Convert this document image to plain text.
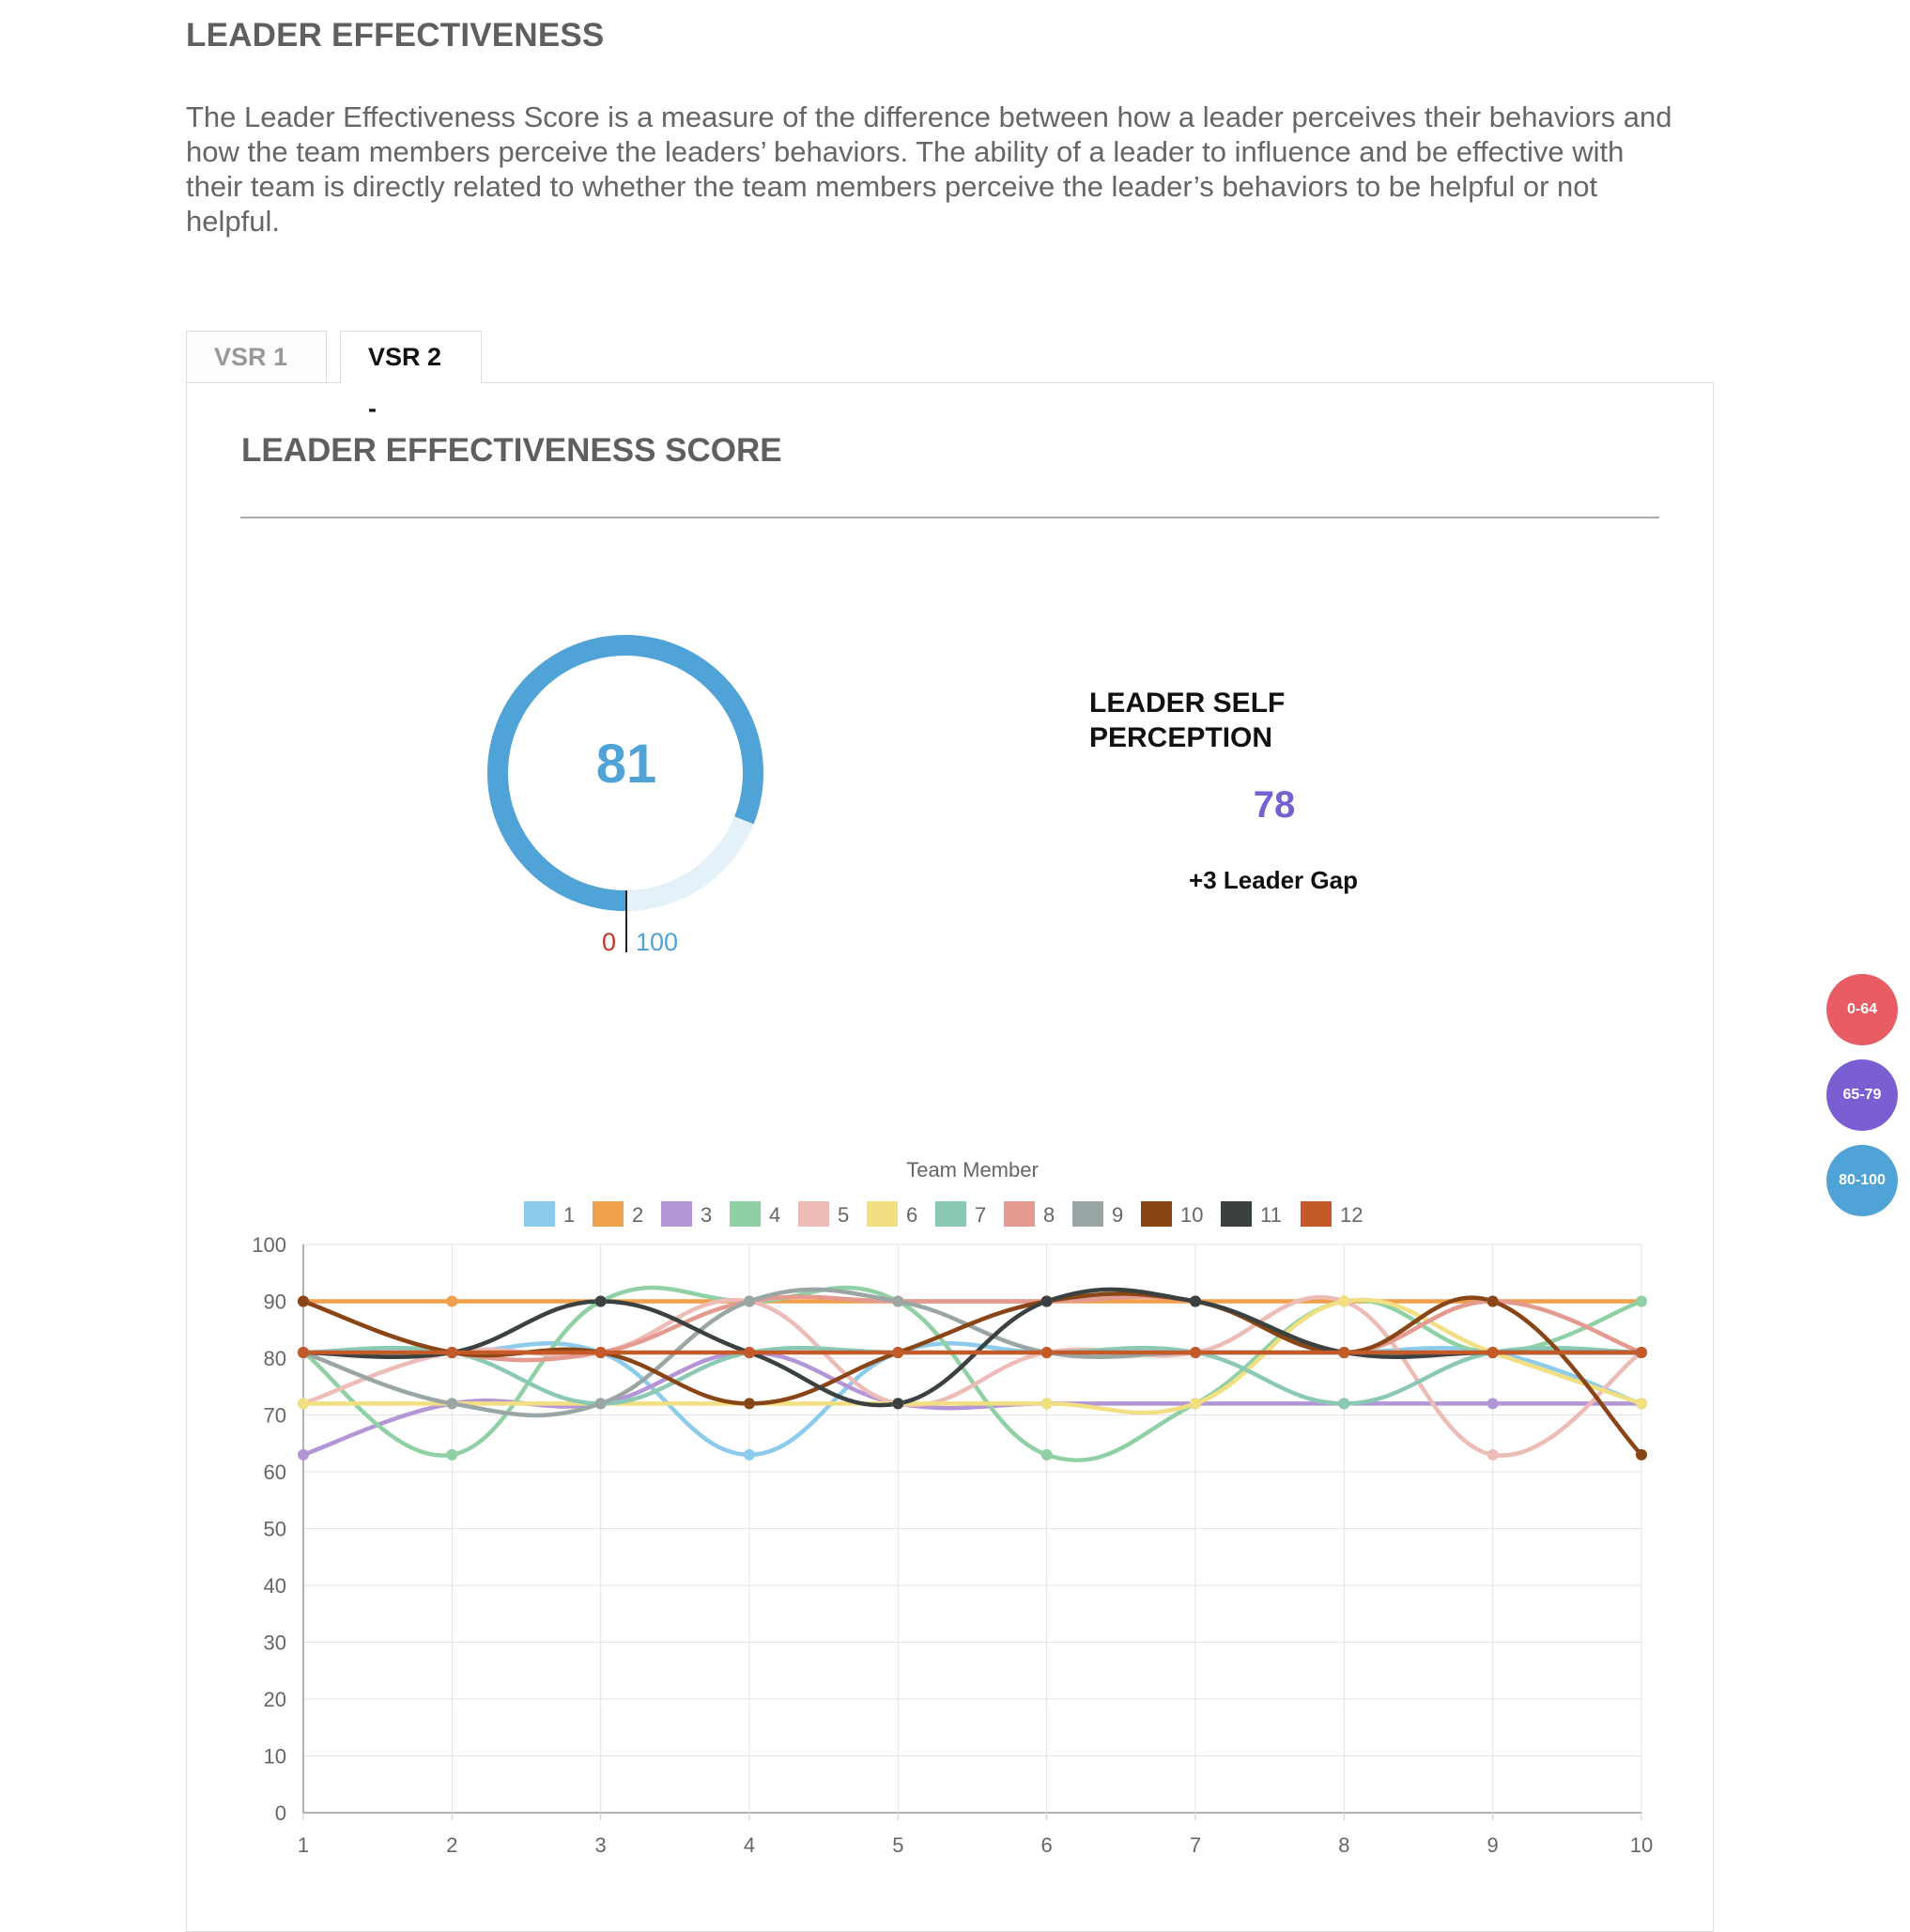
LEADER EFFECTIVENESS

The Leader Effectiveness Score is a measure of the difference between how a leader perceives their behaviors and how the team members perceive the leaders’ behaviors. The ability of a leader to influence and be effective with their team is directly related to whether the team members perceive the leader’s behaviors to be helpful or not helpful.

VSR 1	VSR 2 -
LEADER EFFECTIVENESS SCORE
81
0 100
LEADER SELF PERCEPTION
78
+3 Leader Gap
0-64
65-79
80-100
Team Member
1	2	3	4	5	6	7	8	9	10	11	12
0
10
20
30
40
50
60
70
80
90
100
1	2	3	4	5	6	7	8	9	10
